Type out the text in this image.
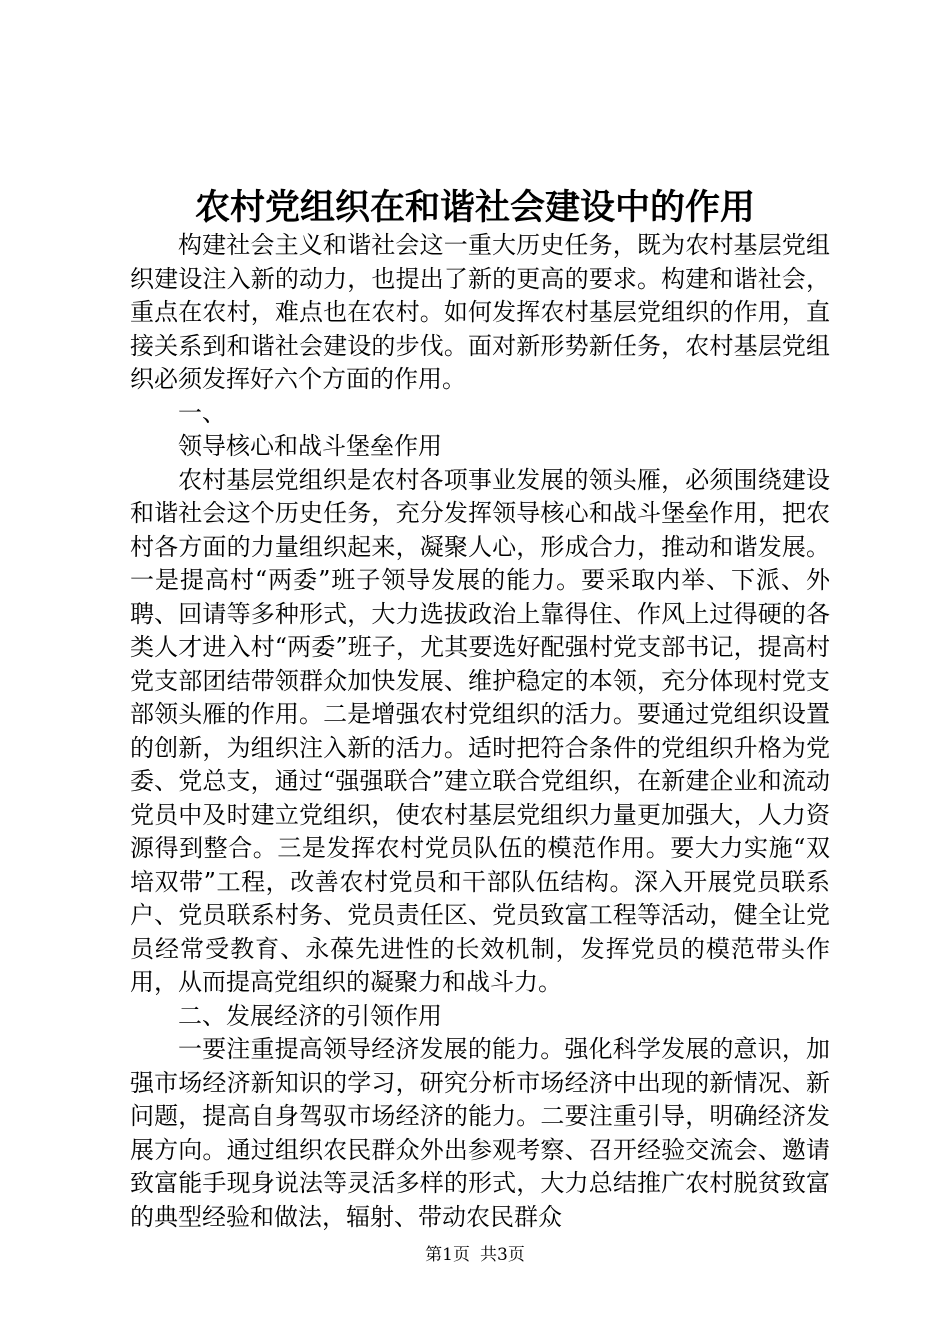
农村党组织在和谐社会建设中的作用

构建社会主义和谐社会这一重大历史任务，既为农村基层党组织建设注入新的动力，也提出了新的更高的要求。构建和谐社会，重点在农村，难点也在农村。如何发挥农村基层党组织的作用，直接关系到和谐社会建设的步伐。面对新形势新任务，农村基层党组织必须发挥好六个方面的作用。

一、

领导核心和战斗堡垒作用

农村基层党组织是农村各项事业发展的领头雁，必须围绕建设和谐社会这个历史任务，充分发挥领导核心和战斗堡垒作用，把农村各方面的力量组织起来，凝聚人心，形成合力，推动和谐发展。一是提高村“两委”班子领导发展的能力。要采取内举、下派、外聘、回请等多种形式，大力选拔政治上靠得住、作风上过得硬的各类人才进入村“两委”班子，尤其要选好配强村党支部书记，提高村党支部团结带领群众加快发展、维护稳定的本领，充分体现村党支部领头雁的作用。二是增强农村党组织的活力。要通过党组织设置的创新，为组织注入新的活力。适时把符合条件的党组织升格为党委、党总支，通过“强强联合”建立联合党组织，在新建企业和流动党员中及时建立党组织，使农村基层党组织力量更加强大，人力资源得到整合。三是发挥农村党员队伍的模范作用。要大力实施“双培双带”工程，改善农村党员和干部队伍结构。深入开展党员联系户、党员联系村务、党员责任区、党员致富工程等活动，健全让党员经常受教育、永葆先进性的长效机制，发挥党员的模范带头作用，从而提高党组织的凝聚力和战斗力。

二、发展经济的引领作用

一要注重提高领导经济发展的能力。强化科学发展的意识，加强市场经济新知识的学习，研究分析市场经济中出现的新情况、新问题，提高自身驾驭市场经济的能力。二要注重引导，明确经济发展方向。通过组织农民群众外出参观考察、召开经验交流会、邀请致富能手现身说法等灵活多样的形式，大力总结推广农村脱贫致富的典型经验和做法，辐射、带动农民群众

第1页 共3页
